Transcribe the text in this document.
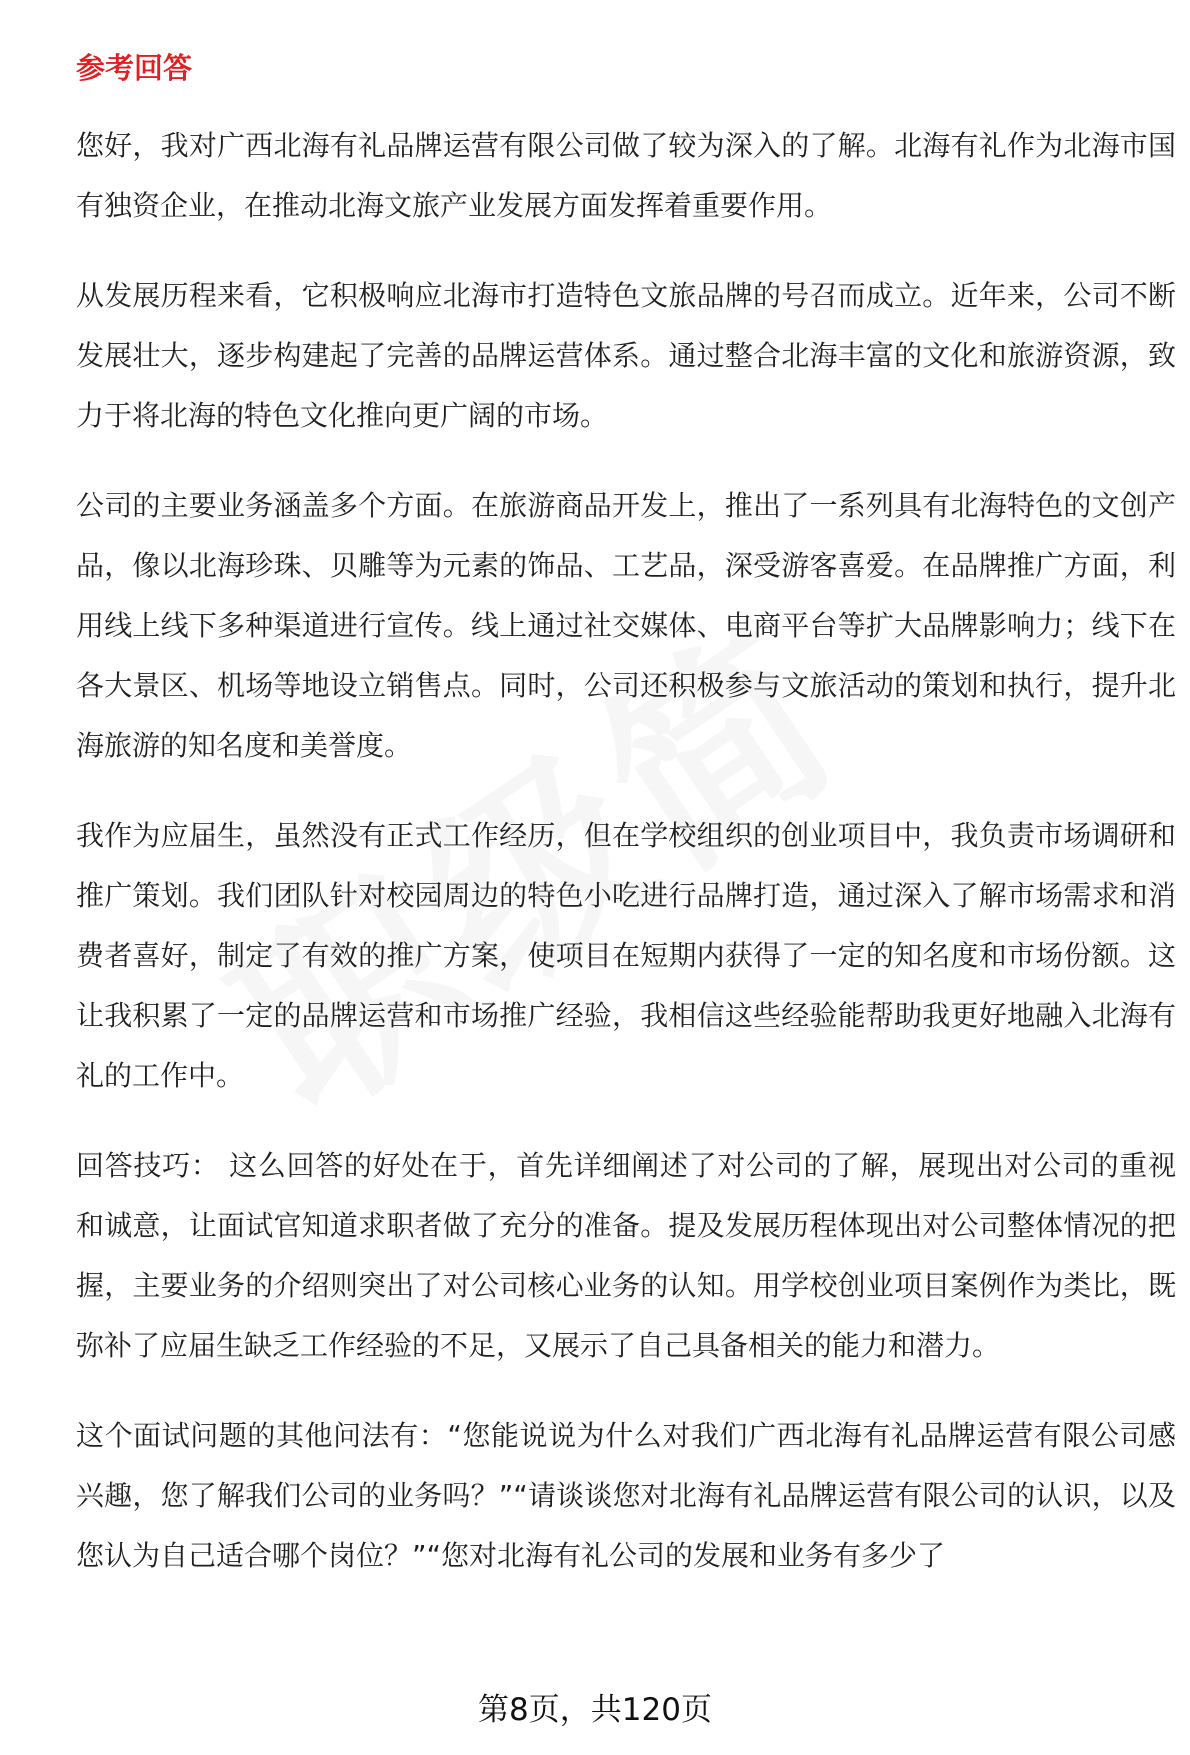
参考回答

您好，我对广西北海有礼品牌运营有限公司做了较为深入的了解。北海有礼作为北海市国有独资企业，在推动北海文旅产业发展方面发挥着重要作用。

从发展历程来看，它积极响应北海市打造特色文旅品牌的号召而成立。近年来，公司不断发展壮大，逐步构建起了完善的品牌运营体系。通过整合北海丰富的文化和旅游资源，致力于将北海的特色文化推向更广阔的市场。

公司的主要业务涵盖多个方面。在旅游商品开发上，推出了一系列具有北海特色的文创产品，像以北海珍珠、贝雕等为元素的饰品、工艺品，深受游客喜爱。在品牌推广方面，利用线上线下多种渠道进行宣传。线上通过社交媒体、电商平台等扩大品牌影响力；线下在各大景区、机场等地设立销售点。同时，公司还积极参与文旅活动的策划和执行，提升北海旅游的知名度和美誉度。

我作为应届生，虽然没有正式工作经历，但在学校组织的创业项目中，我负责市场调研和推广策划。我们团队针对校园周边的特色小吃进行品牌打造，通过深入了解市场需求和消费者喜好，制定了有效的推广方案，使项目在短期内获得了一定的知名度和市场份额。这让我积累了一定的品牌运营和市场推广经验，我相信这些经验能帮助我更好地融入北海有礼的工作中。

回答技巧： 这么回答的好处在于，首先详细阐述了对公司的了解，展现出对公司的重视和诚意，让面试官知道求职者做了充分的准备。提及发展历程体现出对公司整体情况的把握，主要业务的介绍则突出了对公司核心业务的认知。用学校创业项目案例作为类比，既弥补了应届生缺乏工作经验的不足，又展示了自己具备相关的能力和潜力。

这个面试问题的其他问法有：“您能说说为什么对我们广西北海有礼品牌运营有限公司感兴趣，您了解我们公司的业务吗？”“请谈谈您对北海有礼品牌运营有限公司的认识，以及您认为自己适合哪个岗位？”“您对北海有礼公司的发展和业务有多少了

第8页，共120页
